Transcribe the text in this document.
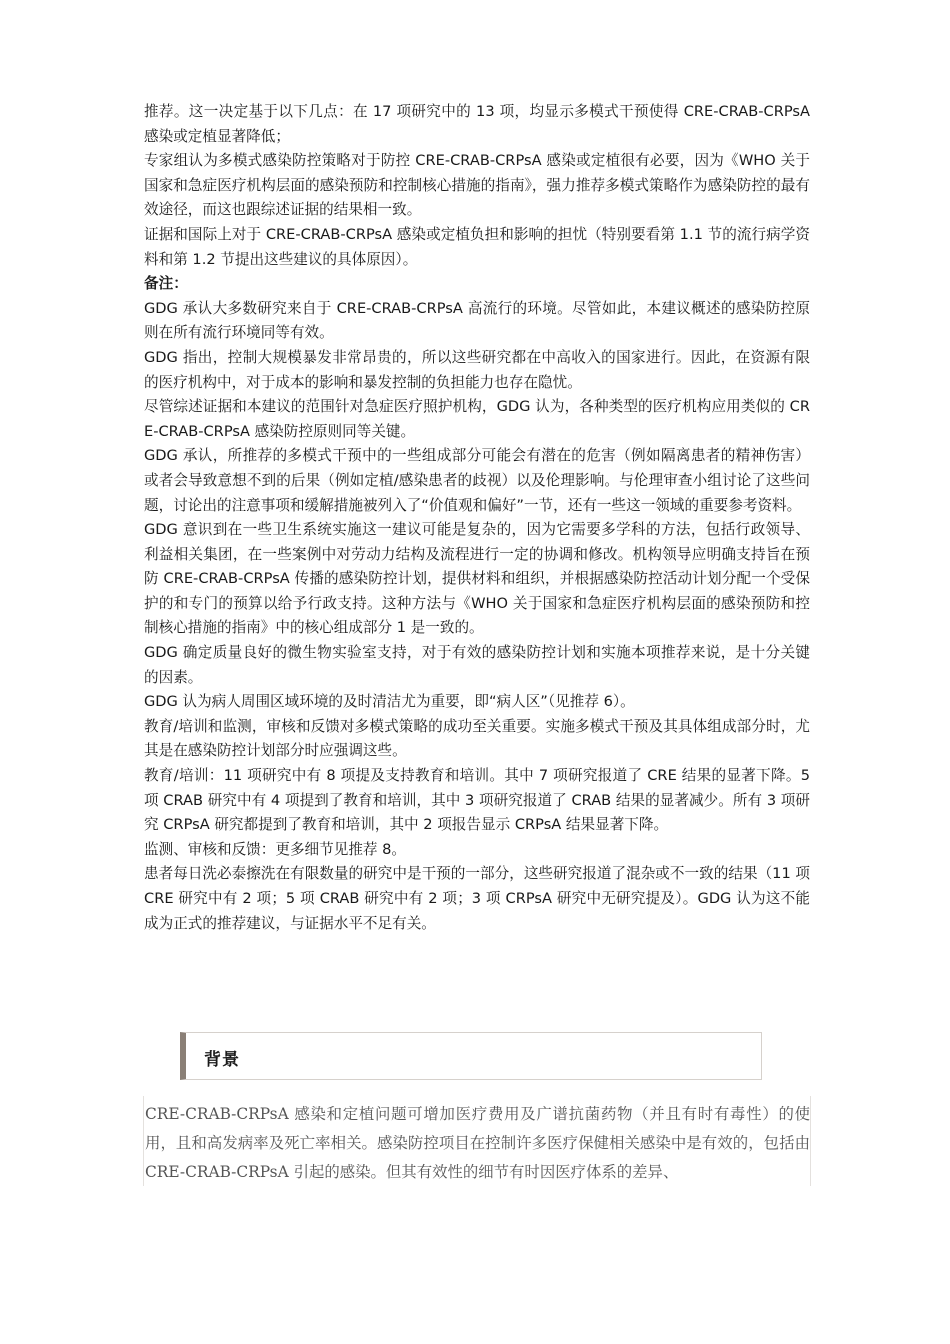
推荐。这一决定基于以下几点：在 17 项研究中的 13 项，均显示多模式干预使得 CRE-CRAB-CRPsA 感染或定植显著降低；

专家组认为多模式感染防控策略对于防控 CRE-CRAB-CRPsA 感染或定植很有必要，因为《WHO 关于国家和急症医疗机构层面的感染预防和控制核心措施的指南》，强力推荐多模式策略作为感染防控的最有效途径，而这也跟综述证据的结果相一致。

证据和国际上对于 CRE-CRAB-CRPsA 感染或定植负担和影响的担忧（特别要看第 1.1 节的流行病学资料和第 1.2 节提出这些建议的具体原因）。

备注：

GDG 承认大多数研究来自于 CRE-CRAB-CRPsA 高流行的环境。尽管如此，本建议概述的感染防控原则在所有流行环境同等有效。

GDG 指出，控制大规模暴发非常昂贵的，所以这些研究都在中高收入的国家进行。因此，在资源有限的医疗机构中，对于成本的影响和暴发控制的负担能力也存在隐忧。

尽管综述证据和本建议的范围针对急症医疗照护机构，GDG 认为，各种类型的医疗机构应用类似的 CRE-CRAB-CRPsA 感染防控原则同等关键。

GDG 承认，所推荐的多模式干预中的一些组成部分可能会有潜在的危害（例如隔离患者的精神伤害）或者会导致意想不到的后果（例如定植/感染患者的歧视）以及伦理影响。与伦理审查小组讨论了这些问题，讨论出的注意事项和缓解措施被列入了“价值观和偏好”一节，还有一些这一领域的重要参考资料。

GDG 意识到在一些卫生系统实施这一建议可能是复杂的，因为它需要多学科的方法，包括行政领导、利益相关集团，在一些案例中对劳动力结构及流程进行一定的协调和修改。机构领导应明确支持旨在预防 CRE-CRAB-CRPsA 传播的感染防控计划，提供材料和组织，并根据感染防控活动计划分配一个受保护的和专门的预算以给予行政支持。这种方法与《WHO 关于国家和急症医疗机构层面的感染预防和控制核心措施的指南》中的核心组成部分 1 是一致的。

GDG 确定质量良好的微生物实验室支持，对于有效的感染防控计划和实施本项推荐来说，是十分关键的因素。

GDG 认为病人周围区域环境的及时清洁尤为重要，即“病人区”（见推荐 6）。

教育/培训和监测，审核和反馈对多模式策略的成功至关重要。实施多模式干预及其具体组成部分时，尤其是在感染防控计划部分时应强调这些。

教育/培训：11 项研究中有 8 项提及支持教育和培训。其中 7 项研究报道了 CRE 结果的显著下降。5 项 CRAB 研究中有 4 项提到了教育和培训，其中 3 项研究报道了 CRAB 结果的显著减少。所有 3 项研究 CRPsA 研究都提到了教育和培训，其中 2 项报告显示 CRPsA 结果显著下降。

监测、审核和反馈：更多细节见推荐 8。

患者每日洗必泰擦洗在有限数量的研究中是干预的一部分，这些研究报道了混杂或不一致的结果（11 项 CRE 研究中有 2 项；5 项 CRAB 研究中有 2 项；3 项 CRPsA 研究中无研究提及）。GDG 认为这不能成为正式的推荐建议，与证据水平不足有关。

背景

CRE-CRAB-CRPsA 感染和定植问题可增加医疗费用及广谱抗菌药物（并且有时有毒性）的使用，且和高发病率及死亡率相关。感染防控项目在控制许多医疗保健相关感染中是有效的，包括由 CRE-CRAB-CRPsA 引起的感染。但其有效性的细节有时因医疗体系的差异、
